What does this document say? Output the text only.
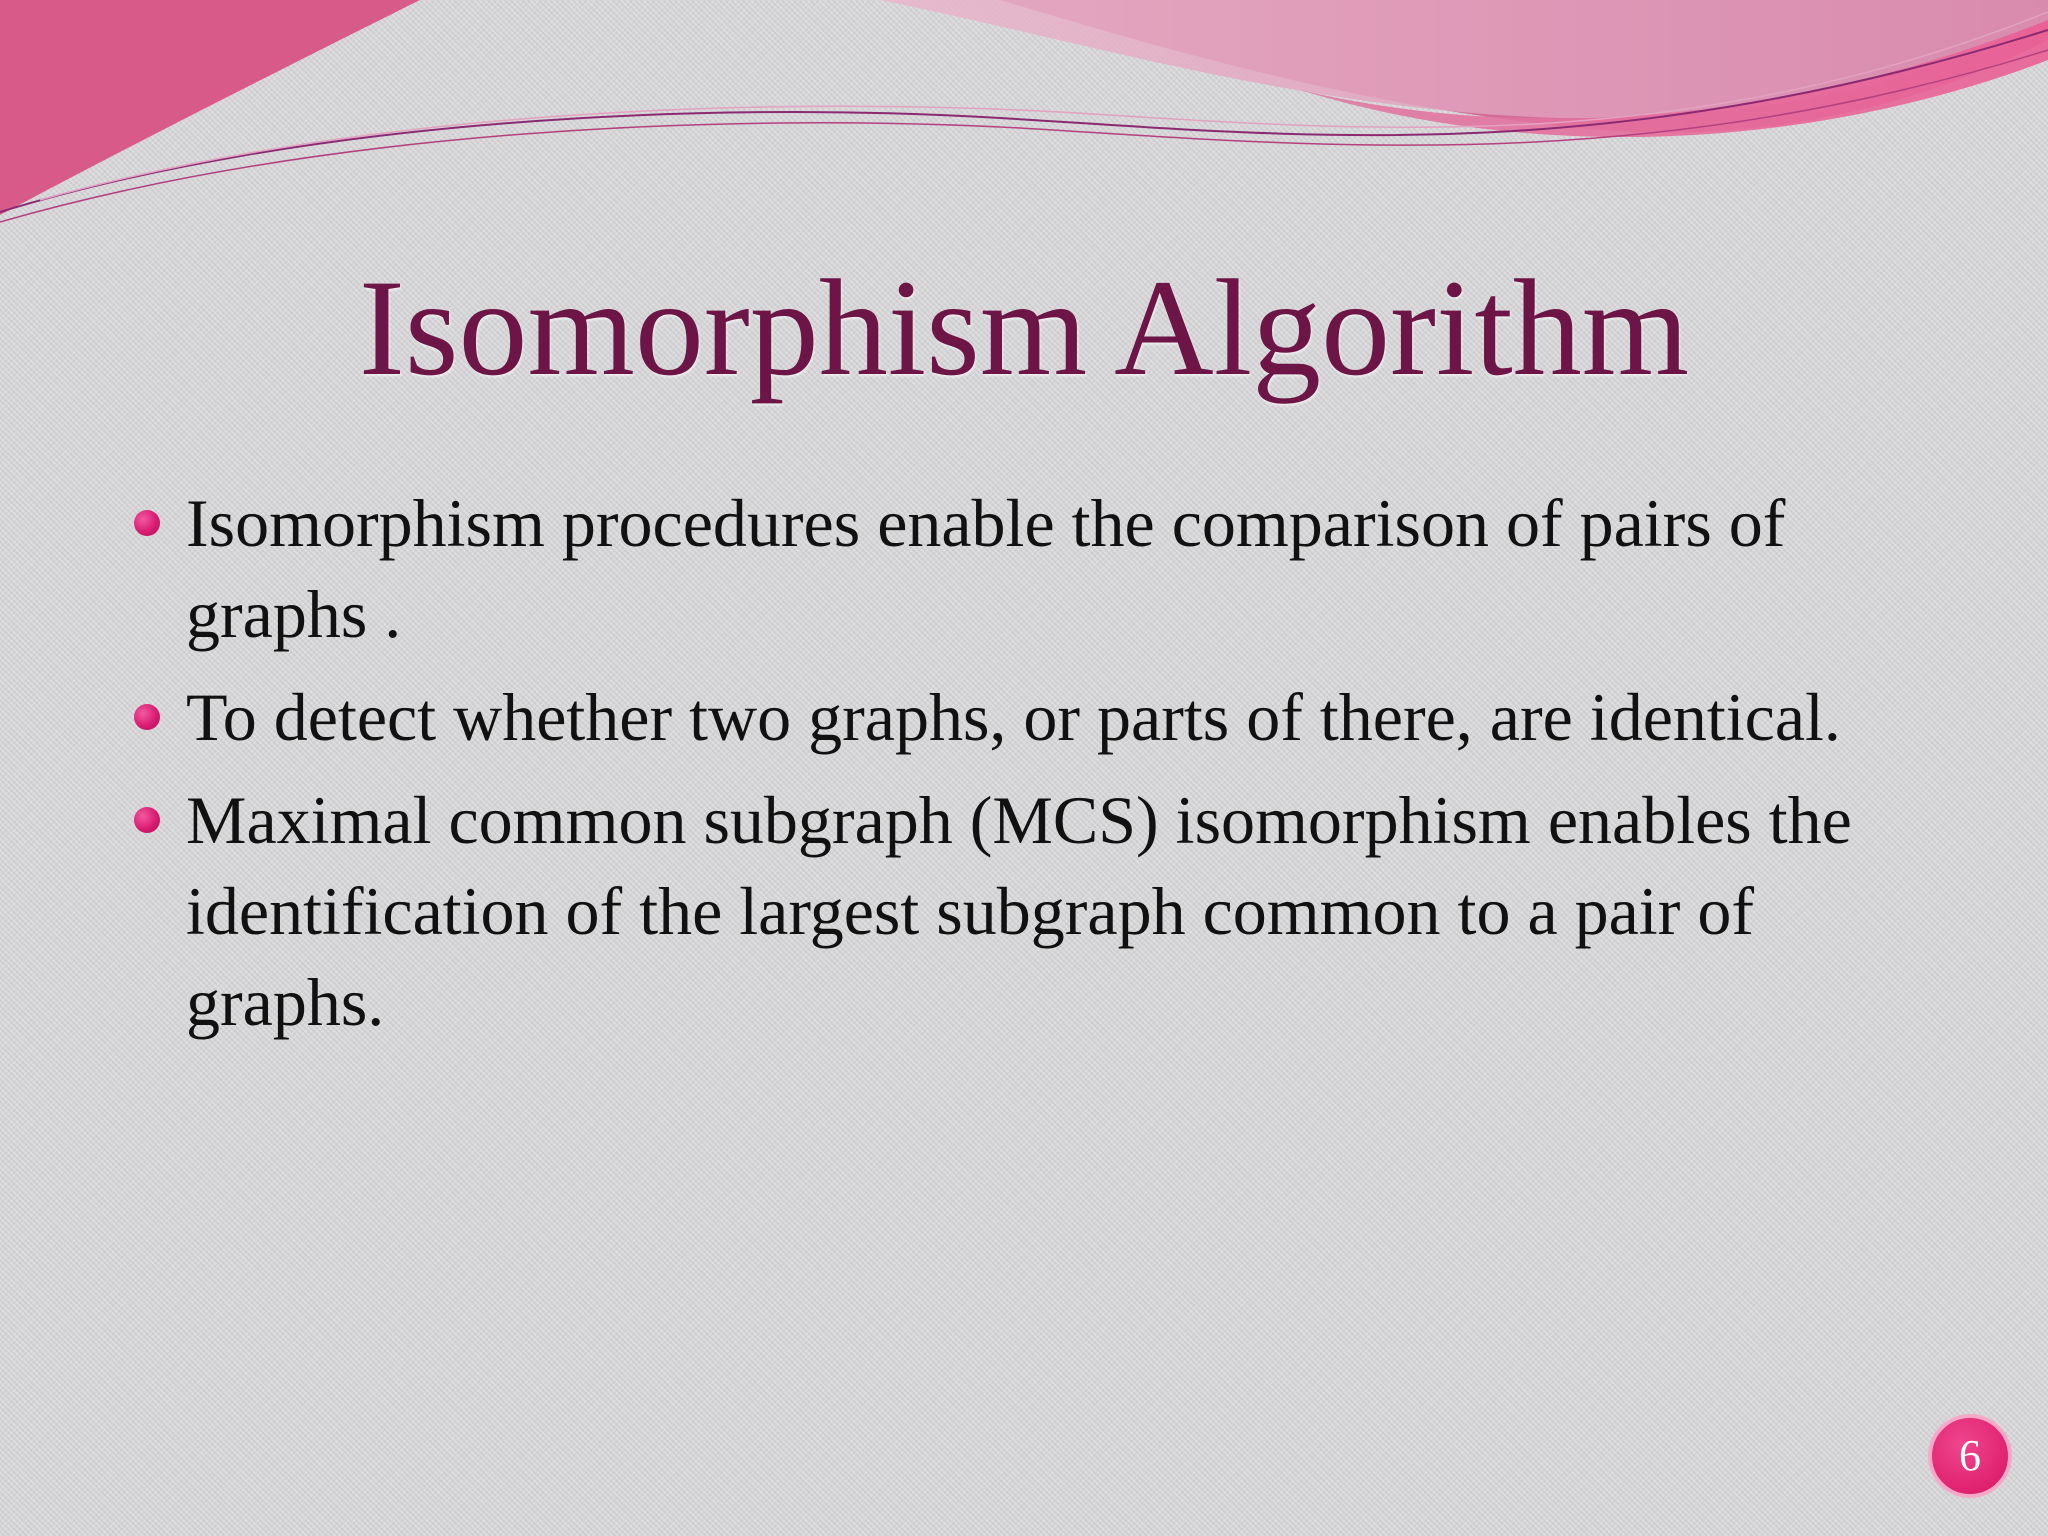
Isomorphism Algorithm
Isomorphism procedures enable the comparison of pairs of graphs .
To detect whether two graphs, or parts of there, are identical.
Maximal common subgraph (MCS) isomorphism enables the identification of the largest subgraph common to a pair of graphs.
6
